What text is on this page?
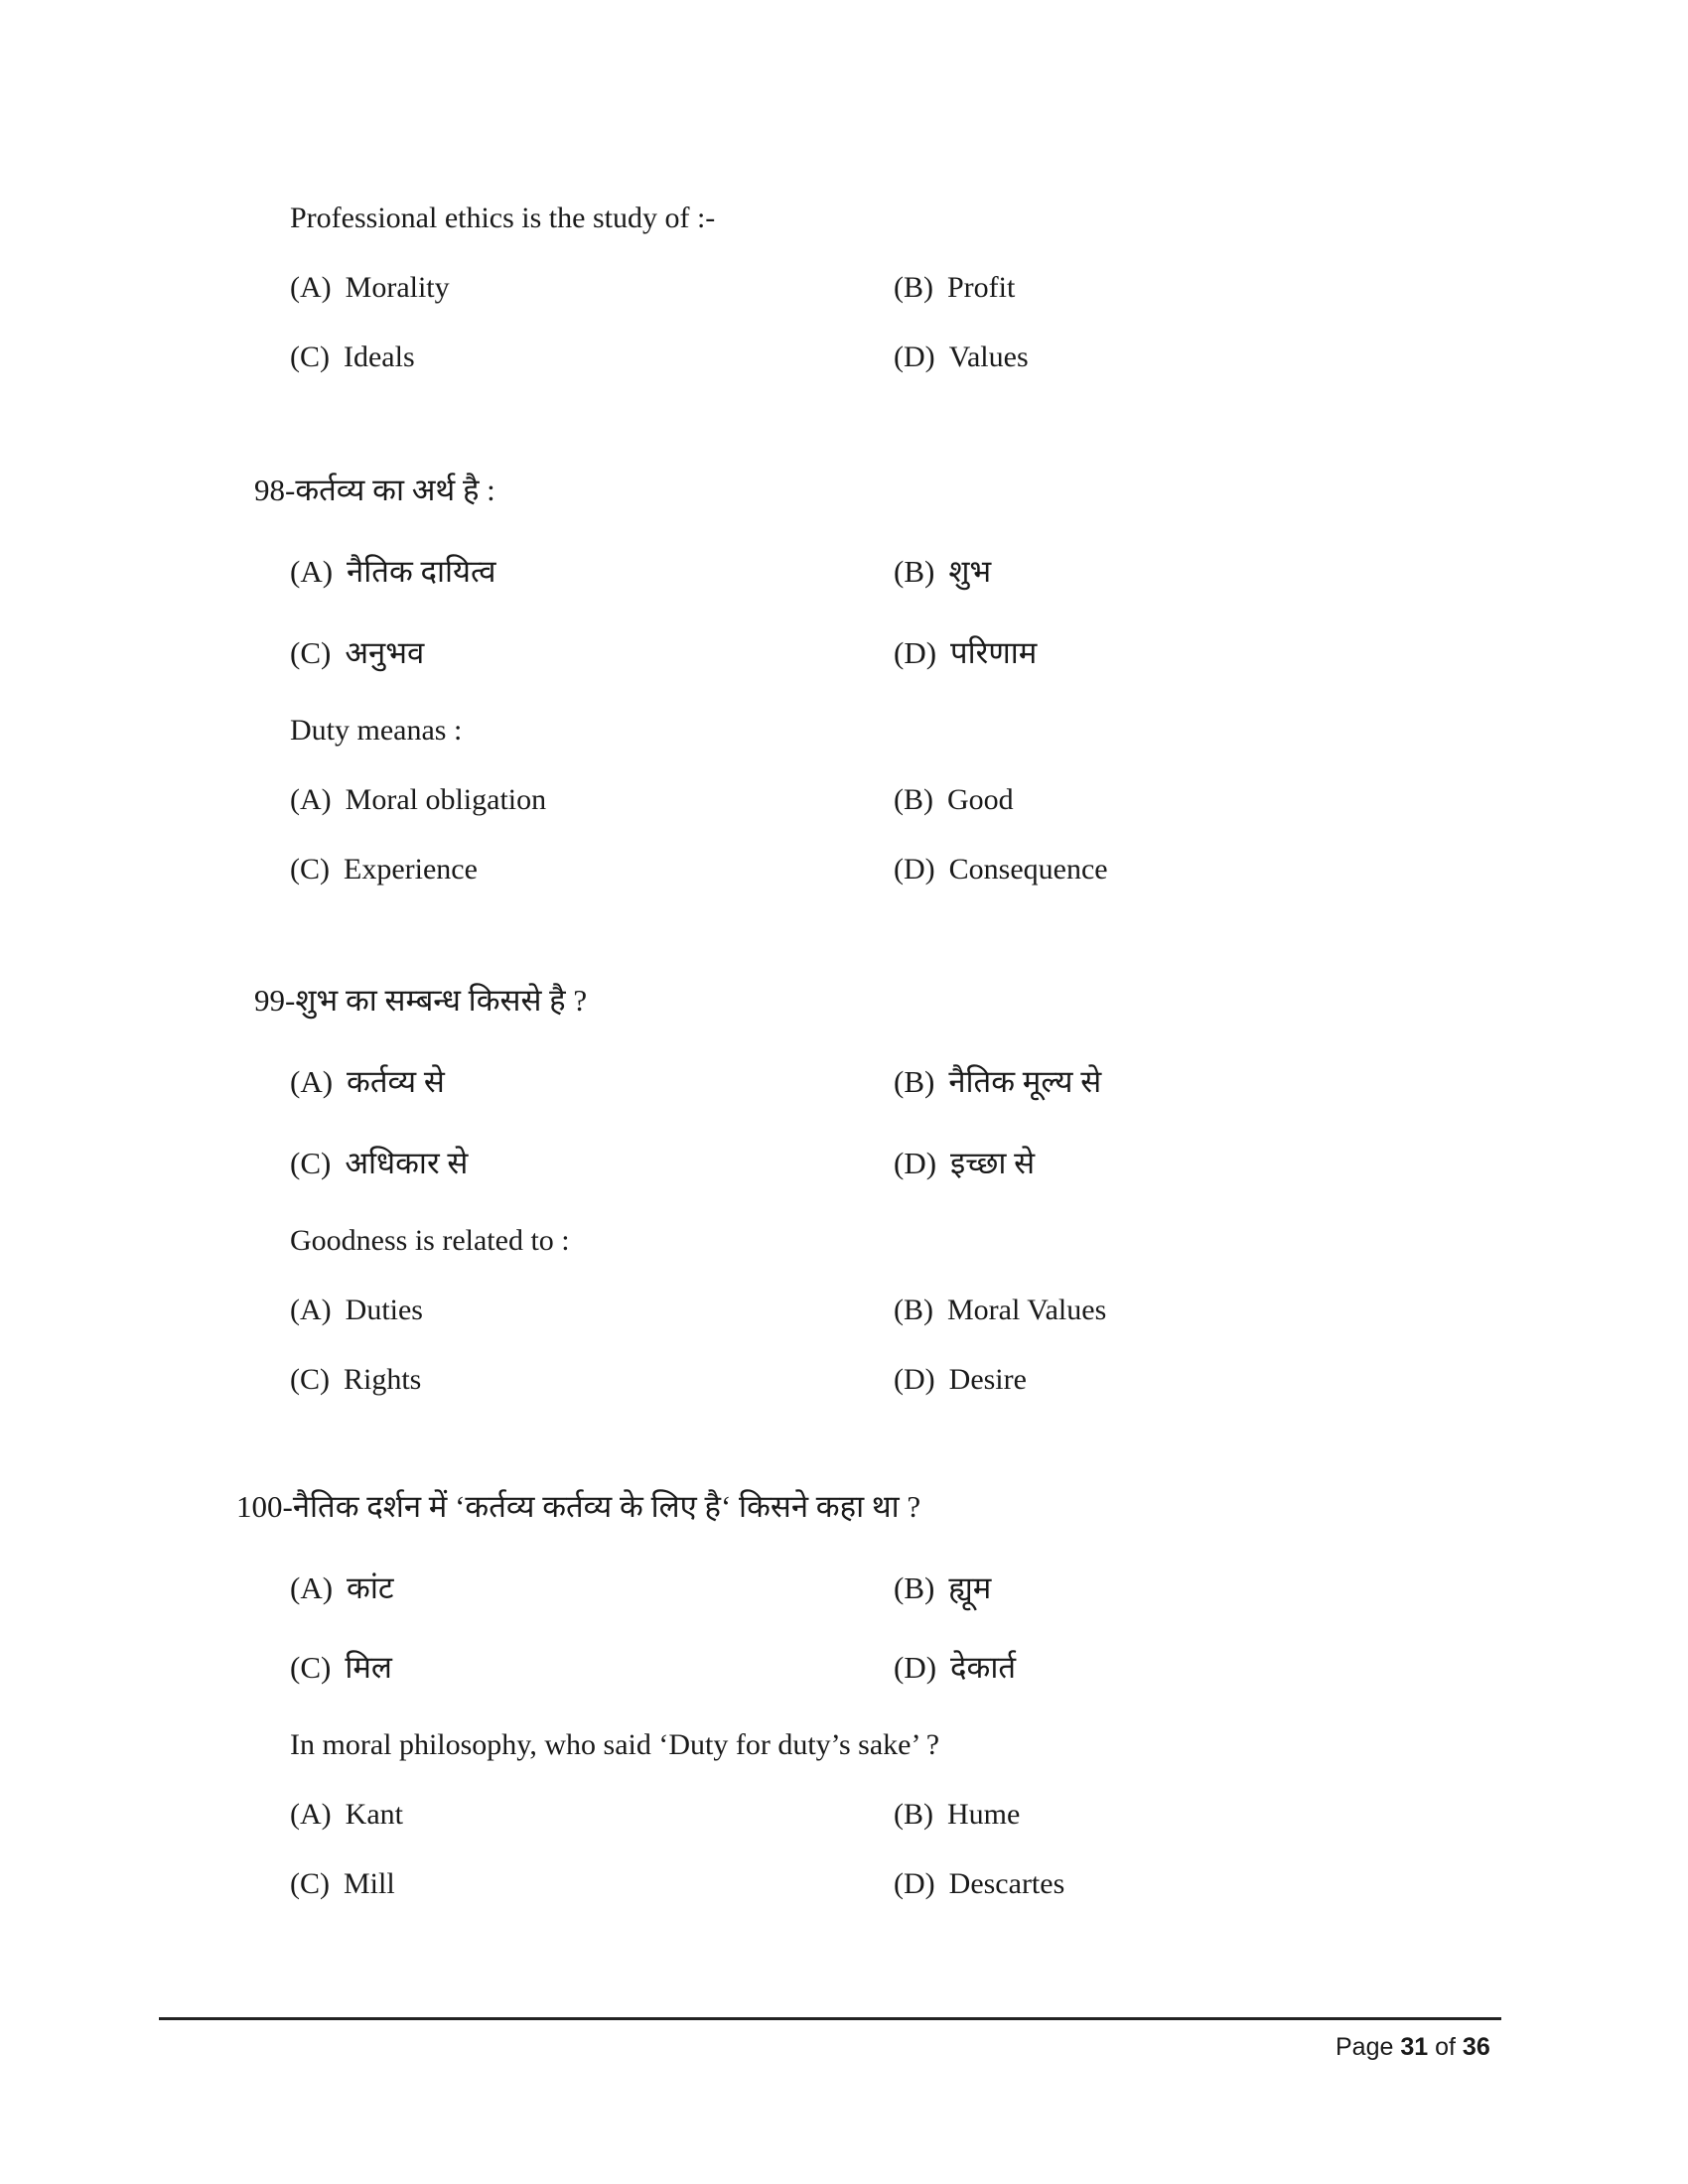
Professional ethics is the study of :-
(A) Morality	(B) Profit
(C) Ideals	(D) Values
98-कर्तव्य का अर्थ है :
(A) नैतिक दायित्व	(B) शुभ
(C) अनुभव	(D) परिणाम
Duty meanas :
(A) Moral obligation	(B) Good
(C) Experience	(D) Consequence
99-शुभ का सम्बन्ध किससे है ?
(A) कर्तव्य से	(B) नैतिक मूल्य से
(C) अधिकार से	(D) इच्छा से
Goodness is related to :
(A) Duties	(B) Moral Values
(C) Rights	(D) Desire
100-नैतिक दर्शन में ‘कर्तव्य कर्तव्य के लिए है‘ किसने कहा था ?
(A) कांट	(B) ह्यूम
(C) मिल	(D) देकार्त
In moral philosophy, who said ‘Duty for duty’s sake’ ?
(A) Kant	(B) Hume
(C) Mill	(D) Descartes
Page 31 of 36
